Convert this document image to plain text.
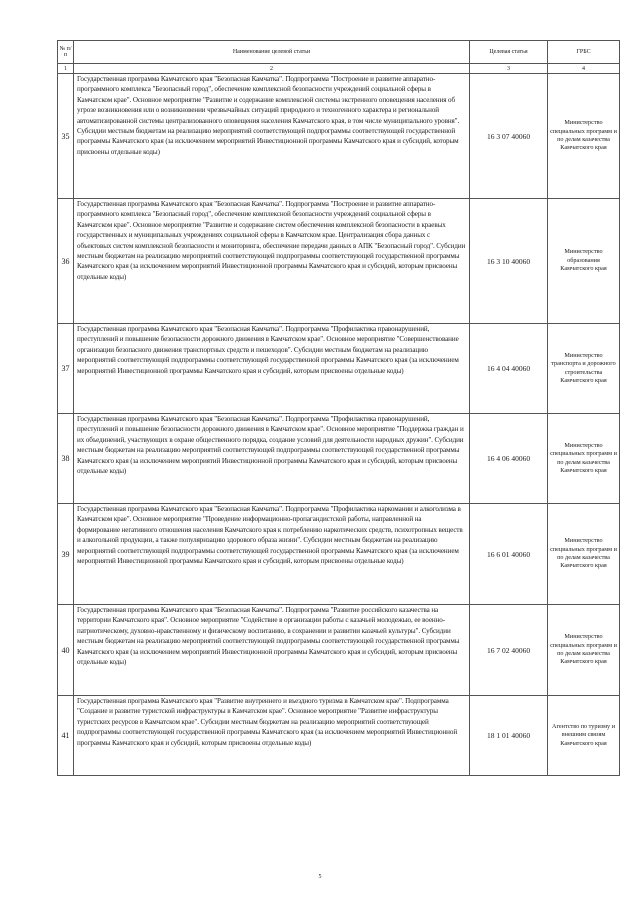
№ п/п	Наименование целевой статьи	Целевая статья	ГРБС
1	2	3	4
35	Государственная программа Камчатского края "Безопасная Камчатка". Подпрограмма "Построение и развитие аппаратно-программного комплекса "Безопасный город", обеспечение комплексной безопасности учреждений социальной сферы в Камчатском крае". Основное мероприятие "Развитие и содержание комплексной системы экстренного оповещения населения об угрозе возникновения или о возникновении чрезвычайных ситуаций природного и техногенного характера и региональной автоматизированной системы централизованного оповещения населения Камчатского края, в том числе муниципального уровня". Субсидии местным бюджетам на реализацию мероприятий соответствующей подпрограммы соответствующей государственной программы Камчатского края (за исключением мероприятий Инвестиционной программы Камчатского края и субсидий, которым присвоены отдельные коды)	16 3 07 40060	Министерство специальных программ и по делам казачества Камчатского края
36	Государственная программа Камчатского края "Безопасная Камчатка". Подпрограмма "Построение и развитие аппаратно-программного комплекса "Безопасный город", обеспечение комплексной безопасности учреждений социальной сферы в Камчатском крае". Основное мероприятие "Развитие и содержание систем обеспечения комплексной безопасности в краевых государственных и муниципальных учреждениях социальной сферы в Камчатском крае. Централизация сбора данных с объектовых систем комплексной безопасности и мониторинга, обеспечение передачи данных в АПК "Безопасный город". Субсидии местным бюджетам на реализацию мероприятий соответствующей подпрограммы соответствующей государственной программы Камчатского края (за исключением мероприятий Инвестиционной программы Камчатского края и субсидий, которым присвоены отдельные коды)	16 3 10 40060	Министерство образования Камчатского края
37	Государственная программа Камчатского края "Безопасная Камчатка". Подпрограмма "Профилактика правонарушений, преступлений и повышение безопасности дорожного движения в Камчатском крае". Основное мероприятие "Совершенствование организации безопасного движения транспортных средств и пешеходов". Субсидии местным бюджетам на реализацию мероприятий соответствующей подпрограммы соответствующей государственной программы Камчатского края (за исключением мероприятий Инвестиционной программы Камчатского края и субсидий, которым присвоены отдельные коды)	16 4 04 40060	Министерство транспорта и дорожного строительства Камчатского края
38	Государственная программа Камчатского края "Безопасная Камчатка". Подпрограмма "Профилактика правонарушений, преступлений и повышение безопасности дорожного движения в Камчатском крае". Основное мероприятие "Поддержка граждан и их объединений, участвующих в охране общественного порядка, создание условий для деятельности народных дружин". Субсидии местным бюджетам на реализацию мероприятий соответствующей подпрограммы соответствующей государственной программы Камчатского края (за исключением мероприятий Инвестиционной программы Камчатского края и субсидий, которым присвоены отдельные коды)	16 4 06 40060	Министерство специальных программ и по делам казачества Камчатского края
39	Государственная программа Камчатского края "Безопасная Камчатка". Подпрограмма "Профилактика наркомании и алкоголизма в Камчатском крае". Основное мероприятие "Проведение информационно-пропагандистской работы, направленной на формирование негативного отношения населения Камчатского края к потреблению наркотических средств, психотропных веществ и алкогольной продукции, а также популяризацию здорового образа жизни". Субсидии местным бюджетам на реализацию мероприятий соответствующей подпрограммы соответствующей государственной программы Камчатского края (за исключением мероприятий Инвестиционной программы Камчатского края и субсидий, которым присвоены отдельные коды)	16 6 01 40060	Министерство специальных программ и по делам казачества Камчатского края
40	Государственная программа Камчатского края "Безопасная Камчатка". Подпрограмма "Развитие российского казачества на территории Камчатского края". Основное мероприятие "Содействие в организации работы с казачьей молодежью, ее военно-патриотическому, духовно-нравственному и физическому воспитанию, в сохранении и развитии казачьей культуры". Субсидии местным бюджетам на реализацию мероприятий соответствующей подпрограммы соответствующей государственной программы Камчатского края (за исключением мероприятий Инвестиционной программы Камчатского края и субсидий, которым присвоены отдельные коды)	16 7 02 40060	Министерство специальных программ и по делам казачества Камчатского края
41	Государственная программа Камчатского края "Развитие внутреннего и въездного туризма в Камчатском крае". Подпрограмма "Создание и развитие туристской инфраструктуры в Камчатском крае". Основное мероприятие "Развитие инфраструктуры туристских ресурсов в Камчатском крае". Субсидии местным бюджетам на реализацию мероприятий соответствующей подпрограммы соответствующей государственной программы Камчатского края (за исключением мероприятий Инвестиционной программы Камчатского края и субсидий, которым присвоены отдельные коды)	18 1 01 40060	Агентство по туризму и внешним связям Камчатского края
5
